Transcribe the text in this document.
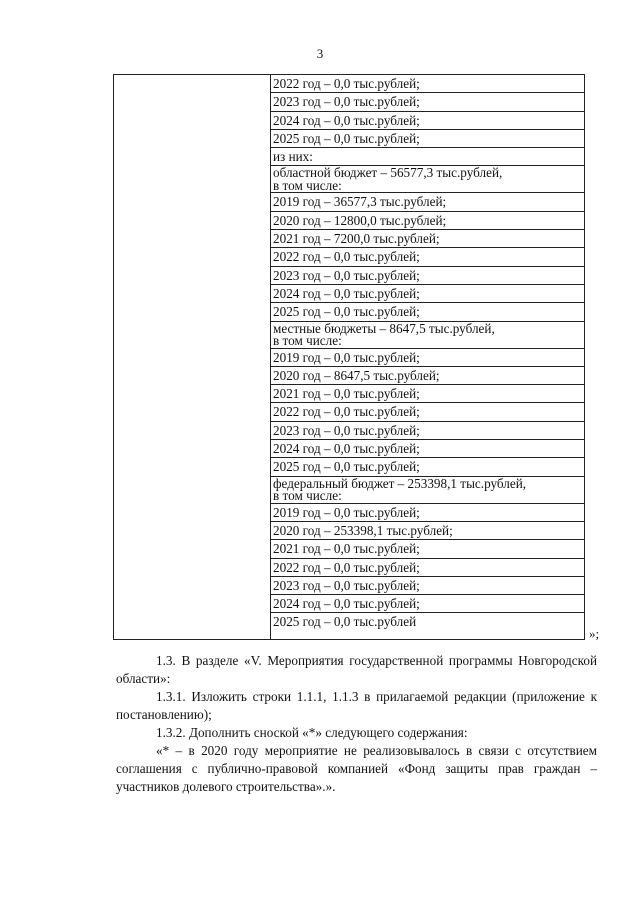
3
2022 год – 0,0 тыс.рублей;
2023 год – 0,0 тыс.рублей;
2024 год – 0,0 тыс.рублей;
2025 год – 0,0 тыс.рублей;
из них:
областной бюджет – 56577,3 тыс.рублей,
в том числе:
2019 год – 36577,3 тыс.рублей;
2020 год – 12800,0 тыс.рублей;
2021 год – 7200,0 тыс.рублей;
2022 год – 0,0 тыс.рублей;
2023 год – 0,0 тыс.рублей;
2024 год – 0,0 тыс.рублей;
2025 год – 0,0 тыс.рублей;
местные бюджеты – 8647,5 тыс.рублей,
в том числе:
2019 год – 0,0 тыс.рублей;
2020 год – 8647,5 тыс.рублей;
2021 год – 0,0 тыс.рублей;
2022 год – 0,0 тыс.рублей;
2023 год – 0,0 тыс.рублей;
2024 год – 0,0 тыс.рублей;
2025 год – 0,0 тыс.рублей;
федеральный бюджет – 253398,1 тыс.рублей,
в том числе:
2019 год – 0,0 тыс.рублей;
2020 год – 253398,1 тыс.рублей;
2021 год – 0,0 тыс.рублей;
2022 год – 0,0 тыс.рублей;
2023 год – 0,0 тыс.рублей;
2024 год – 0,0 тыс.рублей;
2025 год – 0,0 тыс.рублей
»;
1.3. В разделе «V. Мероприятия государственной программы Новгородской области»:
1.3.1. Изложить строки 1.1.1, 1.1.3 в прилагаемой редакции (приложение к постановлению);
1.3.2. Дополнить сноской «*» следующего содержания:
«* – в 2020 году мероприятие не реализовывалось в связи с отсутствием соглашения с публично-правовой компанией «Фонд защиты прав граждан – участников долевого строительства».».
